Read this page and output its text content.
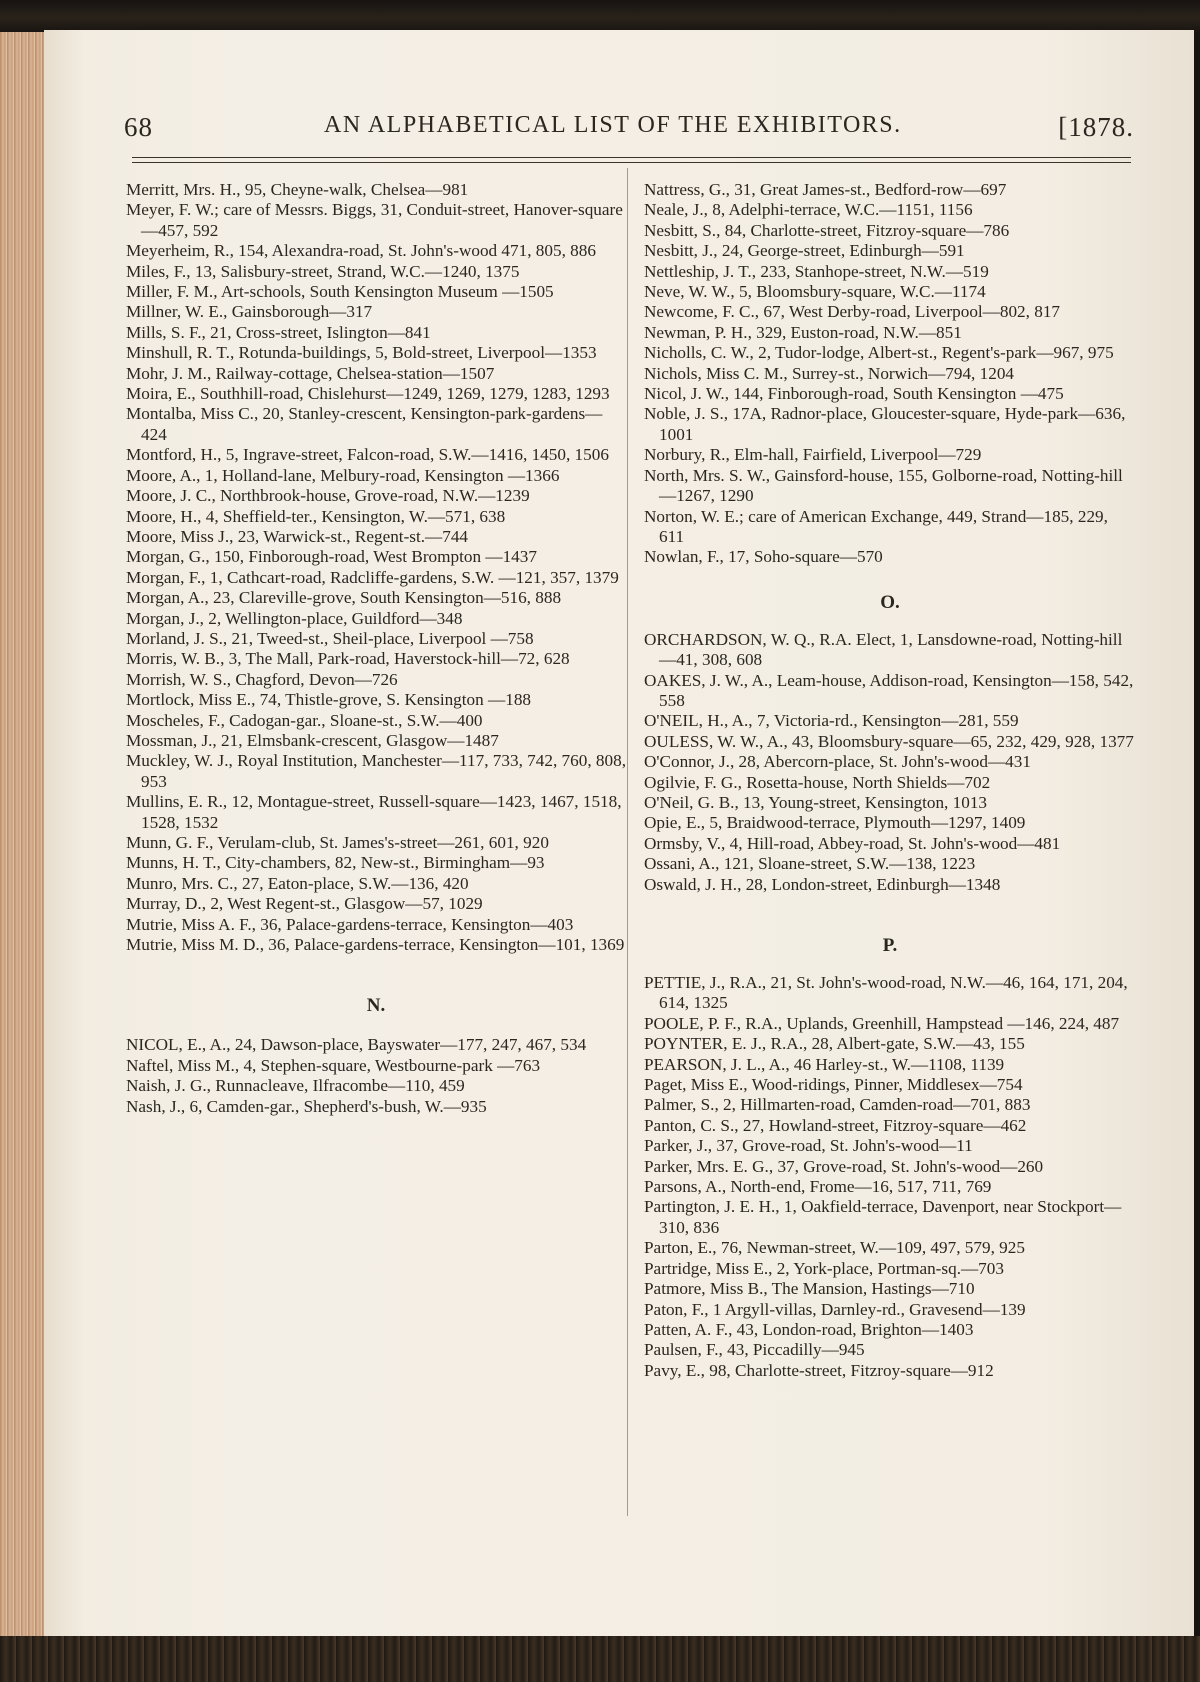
68	AN ALPHABETICAL LIST OF THE EXHIBITORS.	[1878.
Merritt, Mrs. H., 95, Cheyne-walk, Chelsea—981
Meyer, F. W.; care of Messrs. Biggs, 31, Conduit-street, Hanover-square—457, 592
Meyerheim, R., 154, Alexandra-road, St. John's-wood 471, 805, 886
Miles, F., 13, Salisbury-street, Strand, W.C.—1240, 1375
Miller, F. M., Art-schools, South Kensington Museum —1505
Millner, W. E., Gainsborough—317
Mills, S. F., 21, Cross-street, Islington—841
Minshull, R. T., Rotunda-buildings, 5, Bold-street, Liverpool—1353
Mohr, J. M., Railway-cottage, Chelsea-station—1507
Moira, E., Southhill-road, Chislehurst—1249, 1269, 1279, 1283, 1293
Montalba, Miss C., 20, Stanley-crescent, Kensington-park-gardens—424
Montford, H., 5, Ingrave-street, Falcon-road, S.W.—1416, 1450, 1506
Moore, A., 1, Holland-lane, Melbury-road, Kensington —1366
Moore, J. C., Northbrook-house, Grove-road, N.W.—1239
Moore, H., 4, Sheffield-ter., Kensington, W.—571, 638
Moore, Miss J., 23, Warwick-st., Regent-st.—744
Morgan, G., 150, Finborough-road, West Brompton —1437
Morgan, F., 1, Cathcart-road, Radcliffe-gardens, S.W. —121, 357, 1379
Morgan, A., 23, Clareville-grove, South Kensington—516, 888
Morgan, J., 2, Wellington-place, Guildford—348
Morland, J. S., 21, Tweed-st., Sheil-place, Liverpool —758
Morris, W. B., 3, The Mall, Park-road, Haverstock-hill—72, 628
Morrish, W. S., Chagford, Devon—726
Mortlock, Miss E., 74, Thistle-grove, S. Kensington —188
Moscheles, F., Cadogan-gar., Sloane-st., S.W.—400
Mossman, J., 21, Elmsbank-crescent, Glasgow—1487
Muckley, W. J., Royal Institution, Manchester—117, 733, 742, 760, 808, 953
Mullins, E. R., 12, Montague-street, Russell-square—1423, 1467, 1518, 1528, 1532
Munn, G. F., Verulam-club, St. James's-street—261, 601, 920
Munns, H. T., City-chambers, 82, New-st., Birmingham—93
Munro, Mrs. C., 27, Eaton-place, S.W.—136, 420
Murray, D., 2, West Regent-st., Glasgow—57, 1029
Mutrie, Miss A. F., 36, Palace-gardens-terrace, Kensington—403
Mutrie, Miss M. D., 36, Palace-gardens-terrace, Kensington—101, 1369
N.
NICOL, E., A., 24, Dawson-place, Bayswater—177, 247, 467, 534
Naftel, Miss M., 4, Stephen-square, Westbourne-park —763
Naish, J. G., Runnacleave, Ilfracombe—110, 459
Nash, J., 6, Camden-gar., Shepherd's-bush, W.—935
Nattress, G., 31, Great James-st., Bedford-row—697
Neale, J., 8, Adelphi-terrace, W.C.—1151, 1156
Nesbitt, S., 84, Charlotte-street, Fitzroy-square—786
Nesbitt, J., 24, George-street, Edinburgh—591
Nettleship, J. T., 233, Stanhope-street, N.W.—519
Neve, W. W., 5, Bloomsbury-square, W.C.—1174
Newcome, F. C., 67, West Derby-road, Liverpool—802, 817
Newman, P. H., 329, Euston-road, N.W.—851
Nicholls, C. W., 2, Tudor-lodge, Albert-st., Regent's-park—967, 975
Nichols, Miss C. M., Surrey-st., Norwich—794, 1204
Nicol, J. W., 144, Finborough-road, South Kensington —475
Noble, J. S., 17A, Radnor-place, Gloucester-square, Hyde-park—636, 1001
Norbury, R., Elm-hall, Fairfield, Liverpool—729
North, Mrs. S. W., Gainsford-house, 155, Golborne-road, Notting-hill—1267, 1290
Norton, W. E.; care of American Exchange, 449, Strand—185, 229, 611
Nowlan, F., 17, Soho-square—570
O.
ORCHARDSON, W. Q., R.A. Elect, 1, Lansdowne-road, Notting-hill—41, 308, 608
OAKES, J. W., A., Leam-house, Addison-road, Kensington—158, 542, 558
O'NEIL, H., A., 7, Victoria-rd., Kensington—281, 559
OULESS, W. W., A., 43, Bloomsbury-square—65, 232, 429, 928, 1377
O'Connor, J., 28, Abercorn-place, St. John's-wood—431
Ogilvie, F. G., Rosetta-house, North Shields—702
O'Neil, G. B., 13, Young-street, Kensington, 1013
Opie, E., 5, Braidwood-terrace, Plymouth—1297, 1409
Ormsby, V., 4, Hill-road, Abbey-road, St. John's-wood—481
Ossani, A., 121, Sloane-street, S.W.—138, 1223
Oswald, J. H., 28, London-street, Edinburgh—1348
P.
PETTIE, J., R.A., 21, St. John's-wood-road, N.W.—46, 164, 171, 204, 614, 1325
POOLE, P. F., R.A., Uplands, Greenhill, Hampstead —146, 224, 487
POYNTER, E. J., R.A., 28, Albert-gate, S.W.—43, 155
PEARSON, J. L., A., 46 Harley-st., W.—1108, 1139
Paget, Miss E., Wood-ridings, Pinner, Middlesex—754
Palmer, S., 2, Hillmarten-road, Camden-road—701, 883
Panton, C. S., 27, Howland-street, Fitzroy-square—462
Parker, J., 37, Grove-road, St. John's-wood—11
Parker, Mrs. E. G., 37, Grove-road, St. John's-wood—260
Parsons, A., North-end, Frome—16, 517, 711, 769
Partington, J. E. H., 1, Oakfield-terrace, Davenport, near Stockport—310, 836
Parton, E., 76, Newman-street, W.—109, 497, 579, 925
Partridge, Miss E., 2, York-place, Portman-sq.—703
Patmore, Miss B., The Mansion, Hastings—710
Paton, F., 1 Argyll-villas, Darnley-rd., Gravesend—139
Patten, A. F., 43, London-road, Brighton—1403
Paulsen, F., 43, Piccadilly—945
Pavy, E., 98, Charlotte-street, Fitzroy-square—912
